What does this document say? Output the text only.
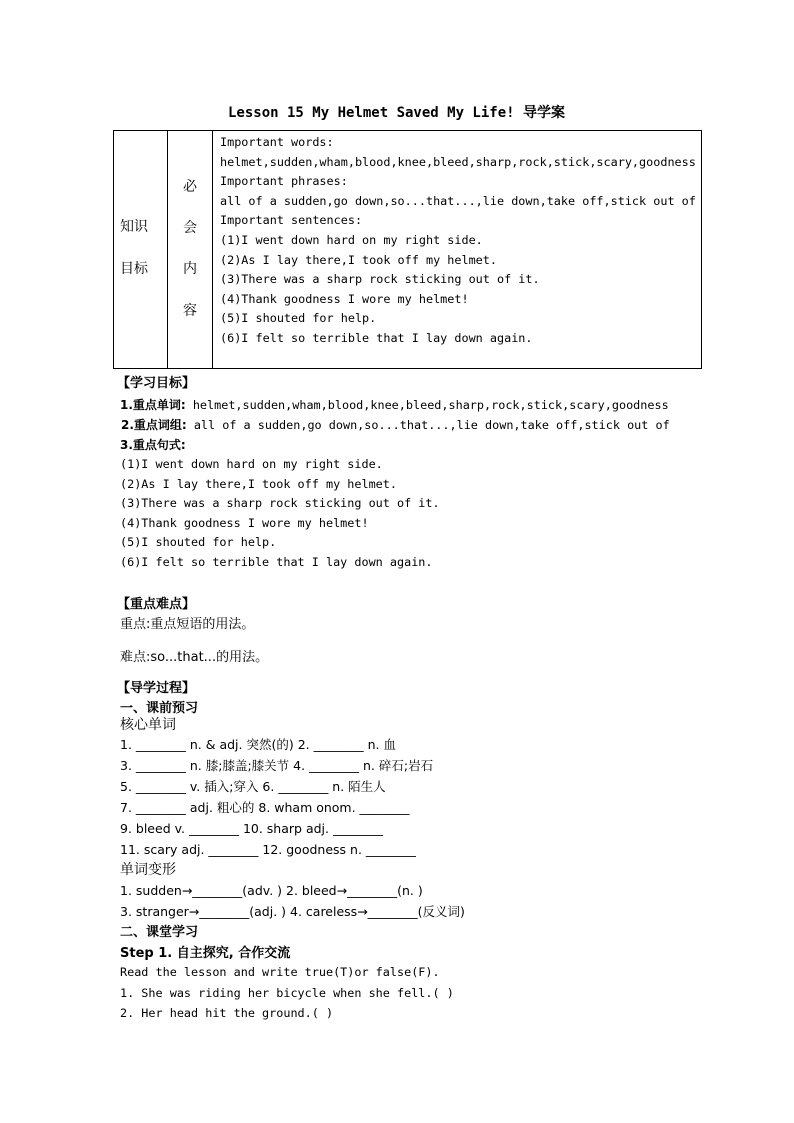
Lesson 15 My Helmet Saved My Life! 导学案
知识
目标
必
会
内
容
Important words:
helmet,sudden,wham,blood,knee,bleed,sharp,rock,stick,scary,goodness
Important phrases:
all of a sudden,go down,so...that...,lie down,take off,stick out of
Important sentences:
(1)I went down hard on my right side.
(2)As I lay there,I took off my helmet.
(3)There was a sharp rock sticking out of it.
(4)Thank goodness I wore my helmet!
(5)I shouted for help.
(6)I felt so terrible that I lay down again.
【学习目标】
1.重点单词: helmet,sudden,wham,blood,knee,bleed,sharp,rock,stick,scary,goodness
2.重点词组: all of a sudden,go down,so...that...,lie down,take off,stick out of
3.重点句式:
(1)I went down hard on my right side.
(2)As I lay there,I took off my helmet.
(3)There was a sharp rock sticking out of it.
(4)Thank goodness I wore my helmet!
(5)I shouted for help.
(6)I felt so terrible that I lay down again.
【重点难点】
重点:重点短语的用法。
难点:so...that...的用法。
【导学过程】
一、课前预习
核心单词
1. ________ n. & adj. 突然(的) 2. ________ n. 血
3. ________ n. 膝;膝盖;膝关节 4. ________ n. 碎石;岩石
5. ________ v. 插入;穿入 6. ________ n. 陌生人
7. ________ adj. 粗心的 8. wham onom. ________
9. bleed v. ________ 10. sharp adj. ________
11. scary adj. ________ 12. goodness n. ________
单词变形
1. sudden→________(adv. ) 2. bleed→________(n. )
3. stranger→________(adj. ) 4. careless→________(反义词)
二、课堂学习
Step 1. 自主探究, 合作交流
Read the lesson and write true(T)or false(F).
1. She was riding her bicycle when she fell.( )
2. Her head hit the ground.( )
